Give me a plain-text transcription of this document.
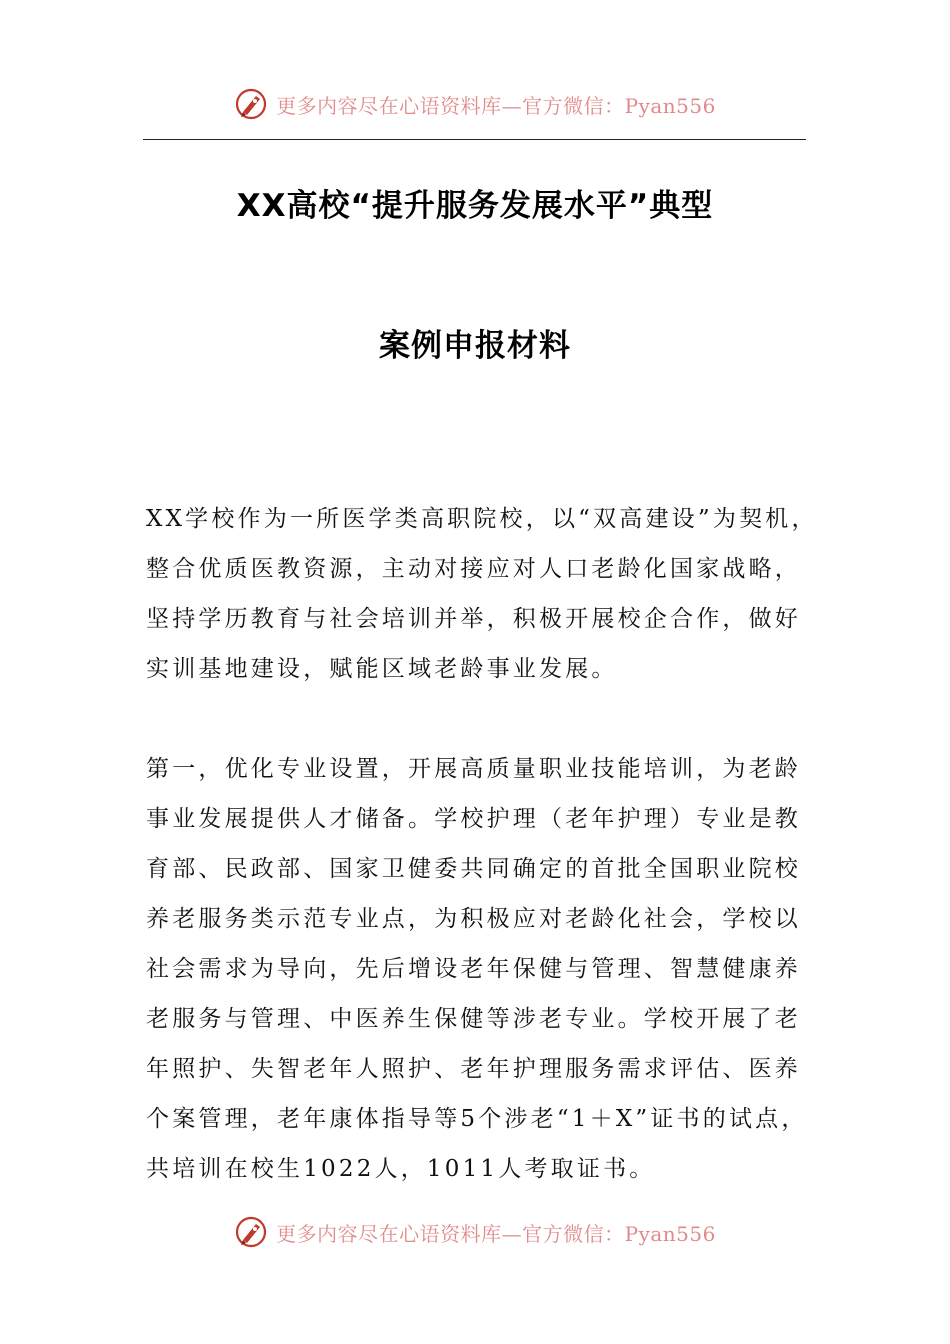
更多内容尽在心语资料库—官方微信：Pyan556
XX高校“提升服务发展水平”典型
案例申报材料
XX学校作为一所医学类高职院校，以“双高建设”为契机，
整合优质医教资源，主动对接应对人口老龄化国家战略，
坚持学历教育与社会培训并举，积极开展校企合作，做好
实训基地建设，赋能区域老龄事业发展。
第一，优化专业设置，开展高质量职业技能培训，为老龄
事业发展提供人才储备。学校护理（老年护理）专业是教
育部、民政部、国家卫健委共同确定的首批全国职业院校
养老服务类示范专业点，为积极应对老龄化社会，学校以
社会需求为导向，先后增设老年保健与管理、智慧健康养
老服务与管理、中医养生保健等涉老专业。学校开展了老
年照护、失智老年人照护、老年护理服务需求评估、医养
个案管理，老年康体指导等5个涉老“1＋X”证书的试点，
共培训在校生1022人，1011人考取证书。
更多内容尽在心语资料库—官方微信：Pyan556
